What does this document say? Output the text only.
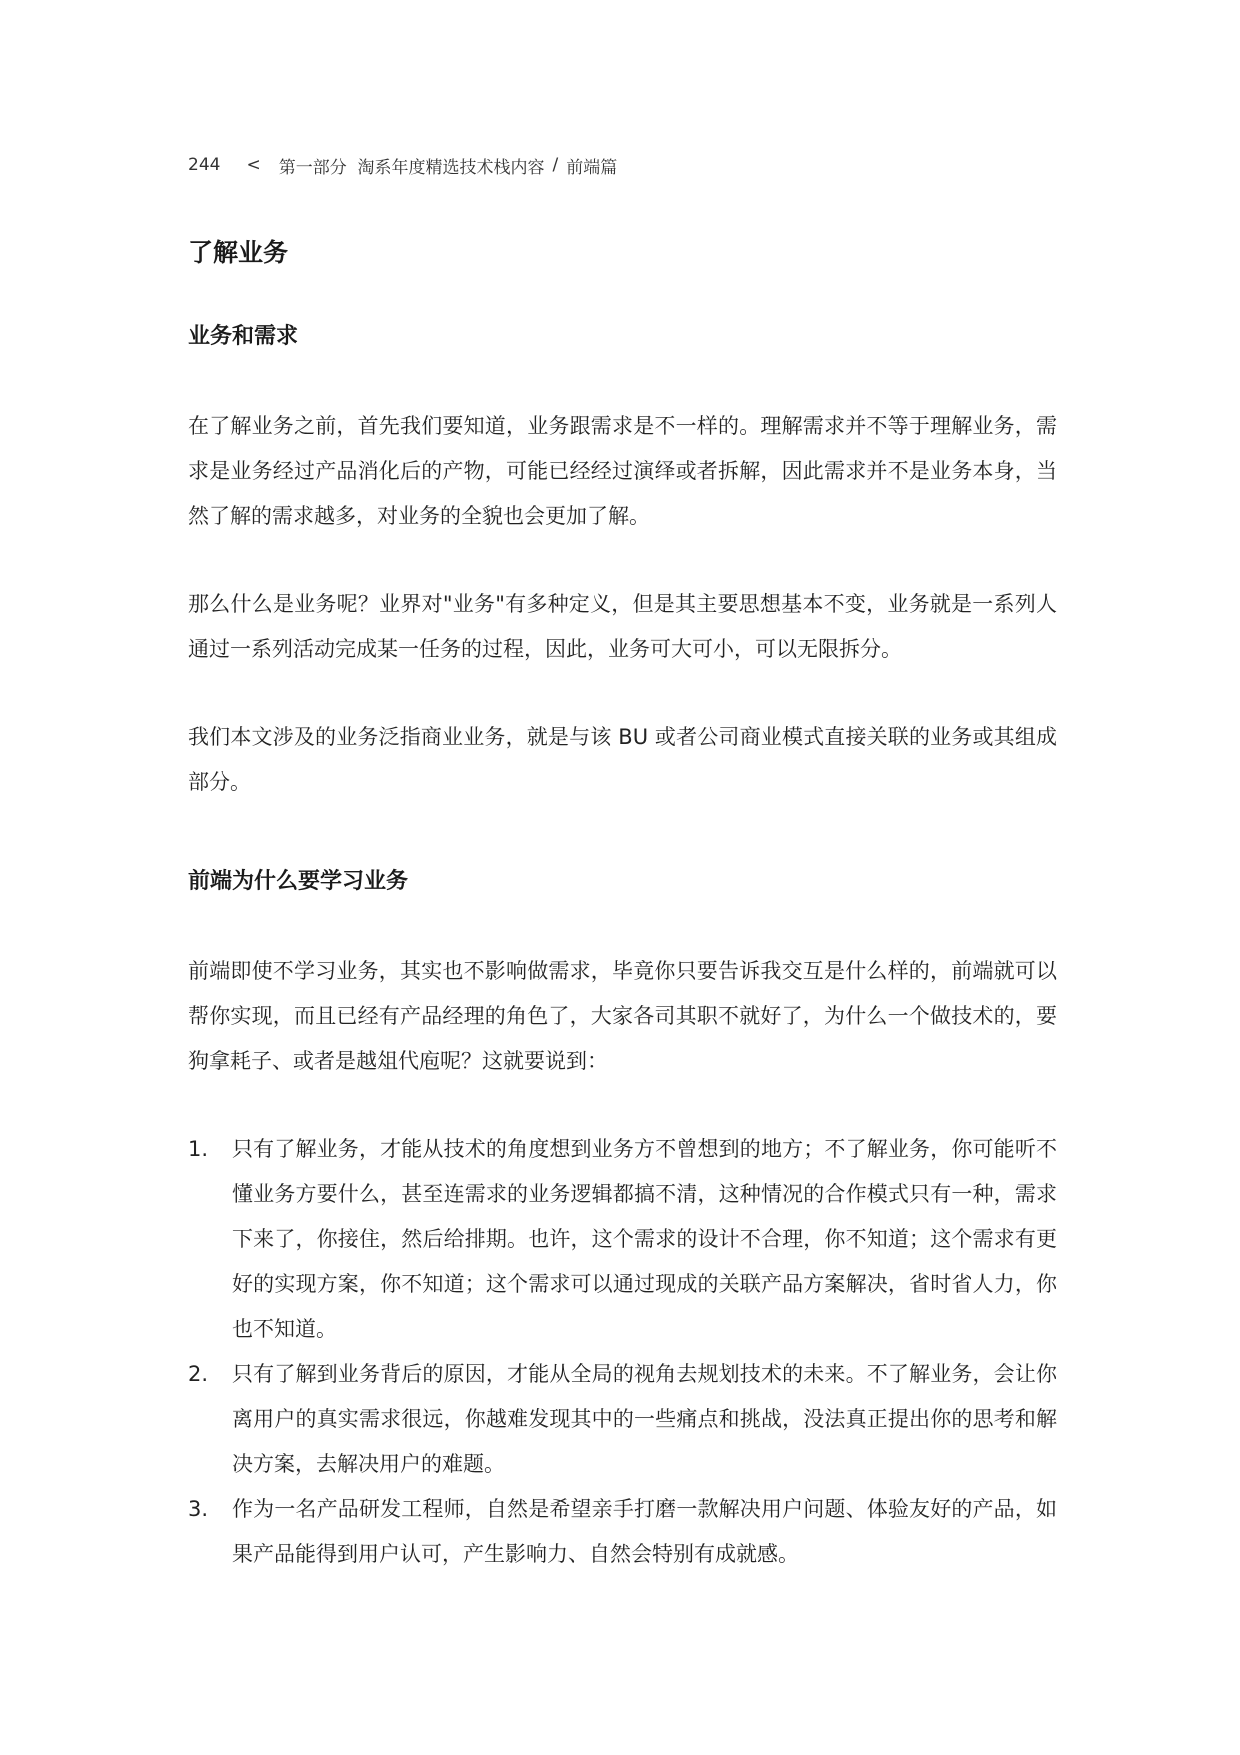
244 < 第一部分  淘系年度精选技术栈内容 / 前端篇
了解业务
业务和需求

在了解业务之前，首先我们要知道，业务跟需求是不一样的。理解需求并不等于理解业务，需求是业务经过产品消化后的产物，可能已经经过演绎或者拆解，因此需求并不是业务本身，当然了解的需求越多，对业务的全貌也会更加了解。

那么什么是业务呢？业界对"业务"有多种定义，但是其主要思想基本不变，业务就是一系列人通过一系列活动完成某一任务的过程，因此，业务可大可小，可以无限拆分。

我们本文涉及的业务泛指商业业务，就是与该 BU 或者公司商业模式直接关联的业务或其组成部分。

前端为什么要学习业务

前端即使不学习业务，其实也不影响做需求，毕竟你只要告诉我交互是什么样的，前端就可以帮你实现，而且已经有产品经理的角色了，大家各司其职不就好了，为什么一个做技术的，要狗拿耗子、或者是越俎代庖呢？这就要说到：

1.	只有了解业务，才能从技术的角度想到业务方不曾想到的地方；不了解业务，你可能听不懂业务方要什么，甚至连需求的业务逻辑都搞不清，这种情况的合作模式只有一种，需求下来了，你接住，然后给排期。也许，这个需求的设计不合理，你不知道；这个需求有更好的实现方案，你不知道；这个需求可以通过现成的关联产品方案解决，省时省人力，你也不知道。
2.	只有了解到业务背后的原因，才能从全局的视角去规划技术的未来。不了解业务，会让你离用户的真实需求很远，你越难发现其中的一些痛点和挑战，没法真正提出你的思考和解决方案，去解决用户的难题。
3.	作为一名产品研发工程师，自然是希望亲手打磨一款解决用户问题、体验友好的产品，如果产品能得到用户认可，产生影响力、自然会特别有成就感。
